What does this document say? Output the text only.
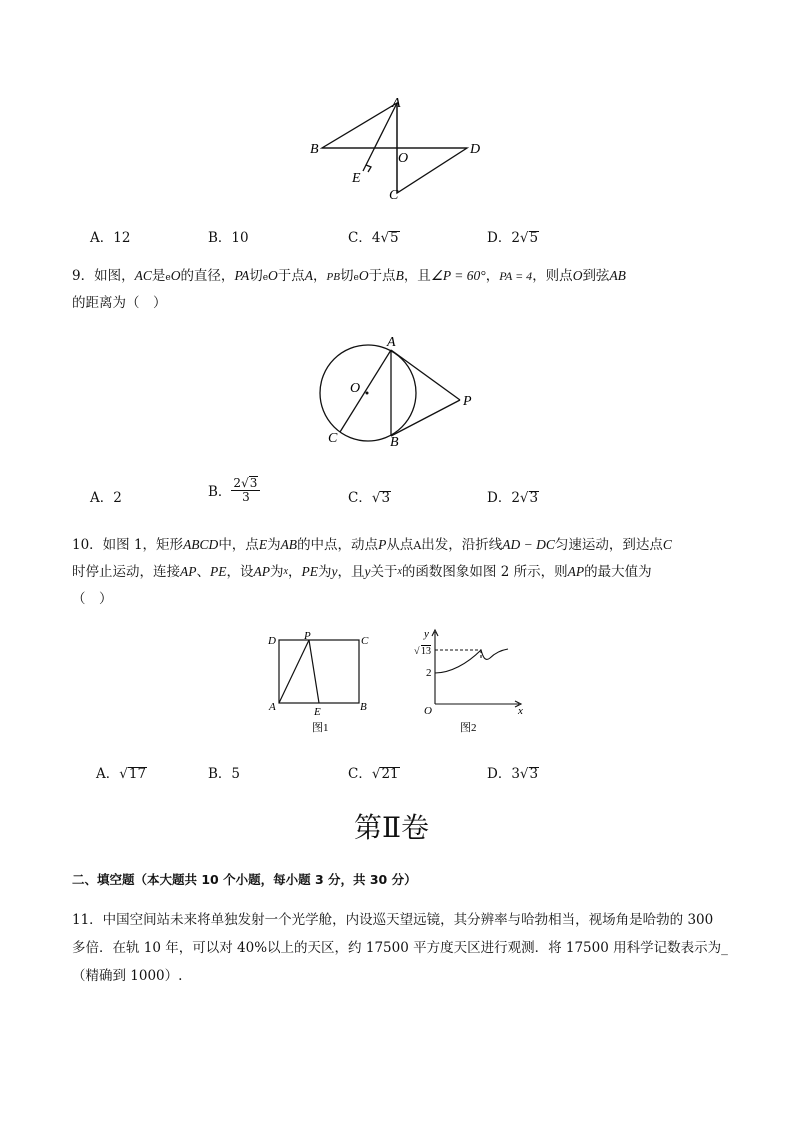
A
B	D
O
E
C
A．12	B．10	C．4√5	D．2√5
9．如图，AC是eO的直径，PA切eO于点A，PB切eO于点B，且∠P = 60°，PA = 4，则点O到弦AB
的距离为（　）
A
O
P
C	B
A．2	B． $\frac{2√3}{3}$	C．√3	D．2√3
10．如图 1，矩形ABCD中，点E为AB的中点，动点P从点A出发，沿折线AD − DC匀速运动，到达点C
时停止运动，连接AP、PE，设AP为$^x$，PE为y，且y关于$^x$的函数图象如图 2 所示，则AP的最大值为
（　）
D	P	C
A	E	B
图1
y
√ 13
2
O	x
图2
A．√17	B．5	C．√21	D．3√3
第Ⅱ卷
二、填空题（本大题共 10 个小题，每小题 3 分，共 30 分）
11．中国空间站未来将单独发射一个光学舱，内设巡天望远镜，其分辨率与哈勃相当，视场角是哈勃的 300
多倍．在轨 10 年，可以对 40%以上的天区，约 17500 平方度天区进行观测．将 17500 用科学记数表示为_
（精确到 1000）.
